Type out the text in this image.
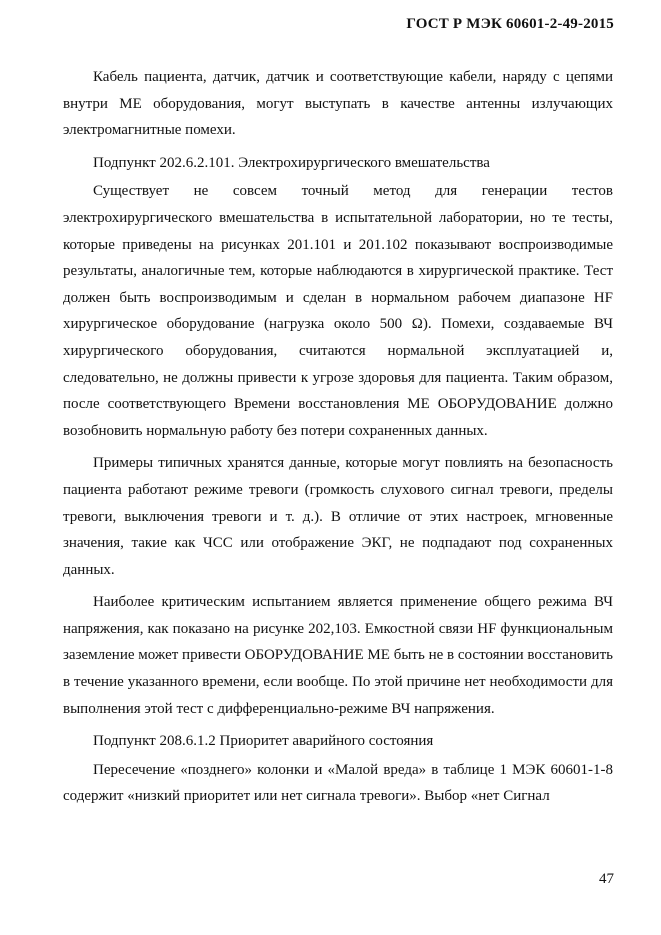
ГОСТ Р МЭК 60601-2-49-2015

Кабель пациента, датчик, датчик и соответствующие кабели, наряду с цепями внутри МЕ оборудования, могут выступать в качестве антенны излучающих электромагнитные помехи.

Подпункт 202.6.2.101. Электрохирургического вмешательства

Существует не совсем точный метод для генерации тестов электрохирургического вмешательства в испытательной лаборатории, но те тесты, которые приведены на рисунках 201.101 и 201.102 показывают воспроизводимые результаты, аналогичные тем, которые наблюдаются в хирургической практике. Тест должен быть воспроизводимым и сделан в нормальном рабочем диапазоне HF хирургическое оборудование (нагрузка около 500 Ω). Помехи, создаваемые ВЧ хирургического оборудования, считаются нормальной эксплуатацией и, следовательно, не должны привести к угрозе здоровья для пациента. Таким образом, после соответствующего Времени восстановления МЕ ОБОРУДОВАНИЕ должно возобновить нормальную работу без потери сохраненных данных.

Примеры типичных хранятся данные, которые могут повлиять на безопасность пациента работают режиме тревоги (громкость слухового сигнал тревоги, пределы тревоги, выключения тревоги и т. д.). В отличие от этих настроек, мгновенные значения, такие как ЧСС или отображение ЭКГ, не подпадают под сохраненных данных.

Наиболее критическим испытанием является применение общего режима ВЧ напряжения, как показано на рисунке 202,103. Емкостной связи HF функциональным заземление может привести ОБОРУДОВАНИЕ МЕ быть не в состоянии восстановить в течение указанного времени, если вообще. По этой причине нет необходимости для выполнения этой тест с дифференциально-режиме ВЧ напряжения.

Подпункт 208.6.1.2 Приоритет аварийного состояния

Пересечение «позднего» колонки и «Малой вреда» в таблице 1 МЭК 60601-1-8 содержит «низкий приоритет или нет сигнала тревоги». Выбор «нет Сигнал

47
